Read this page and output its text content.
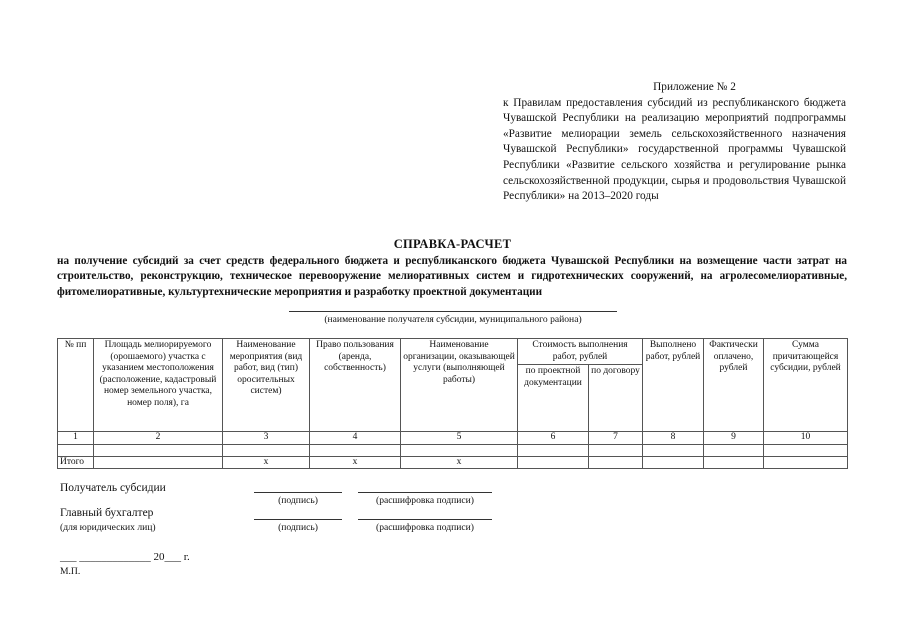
Приложение № 2
к Правилам предоставления субсидий из республиканского бюджета Чувашской Республики на реализацию мероприятий подпрограммы «Развитие мелиорации земель сельскохозяйственного назначения Чувашской Республики» государственной программы Чувашской Республики «Развитие сельского хозяйства и регулирование рынка сельскохозяйственной продукции, сырья и продовольствия Чувашской Республики» на 2013–2020 годы
СПРАВКА-РАСЧЕТ
на получение субсидий за счет средств федерального бюджета и республиканского бюджета Чувашской Республики на возмещение части затрат на строительство, реконструкцию, техническое перевооружение мелиоративных систем и гидротехнических сооружений, на агролесомелиоративные, фитомелиоративные, культуртехнические мероприятия и разработку проектной документации
(наименование получателя субсидии, муниципального района)
№ пп	Площадь мелиорируемого (орошаемого) участка с указанием местоположения (расположение, кадастровый номер земельного участка, номер поля), га	Наименование мероприятия (вид работ, вид (тип) оросительных систем)	Право пользования (аренда, собственность)	Наименование организации, оказывающей услуги (выполняющей работы)	Стоимость выполнения работ, рублей		Выполнено работ, рублей	Фактически оплачено, рублей	Сумма причитающейся субсидии, рублей
					по проектной документации	по договору			
1	2	3	4	5	6	7	8	9	10

Итого		x	x	x					
Получатель субсидии
(подпись)	(расшифровка подписи)
Главный бухгалтер
(для юридических лиц)	(подпись)	(расшифровка подписи)
___ _____________ 20___ г.
М.П.
